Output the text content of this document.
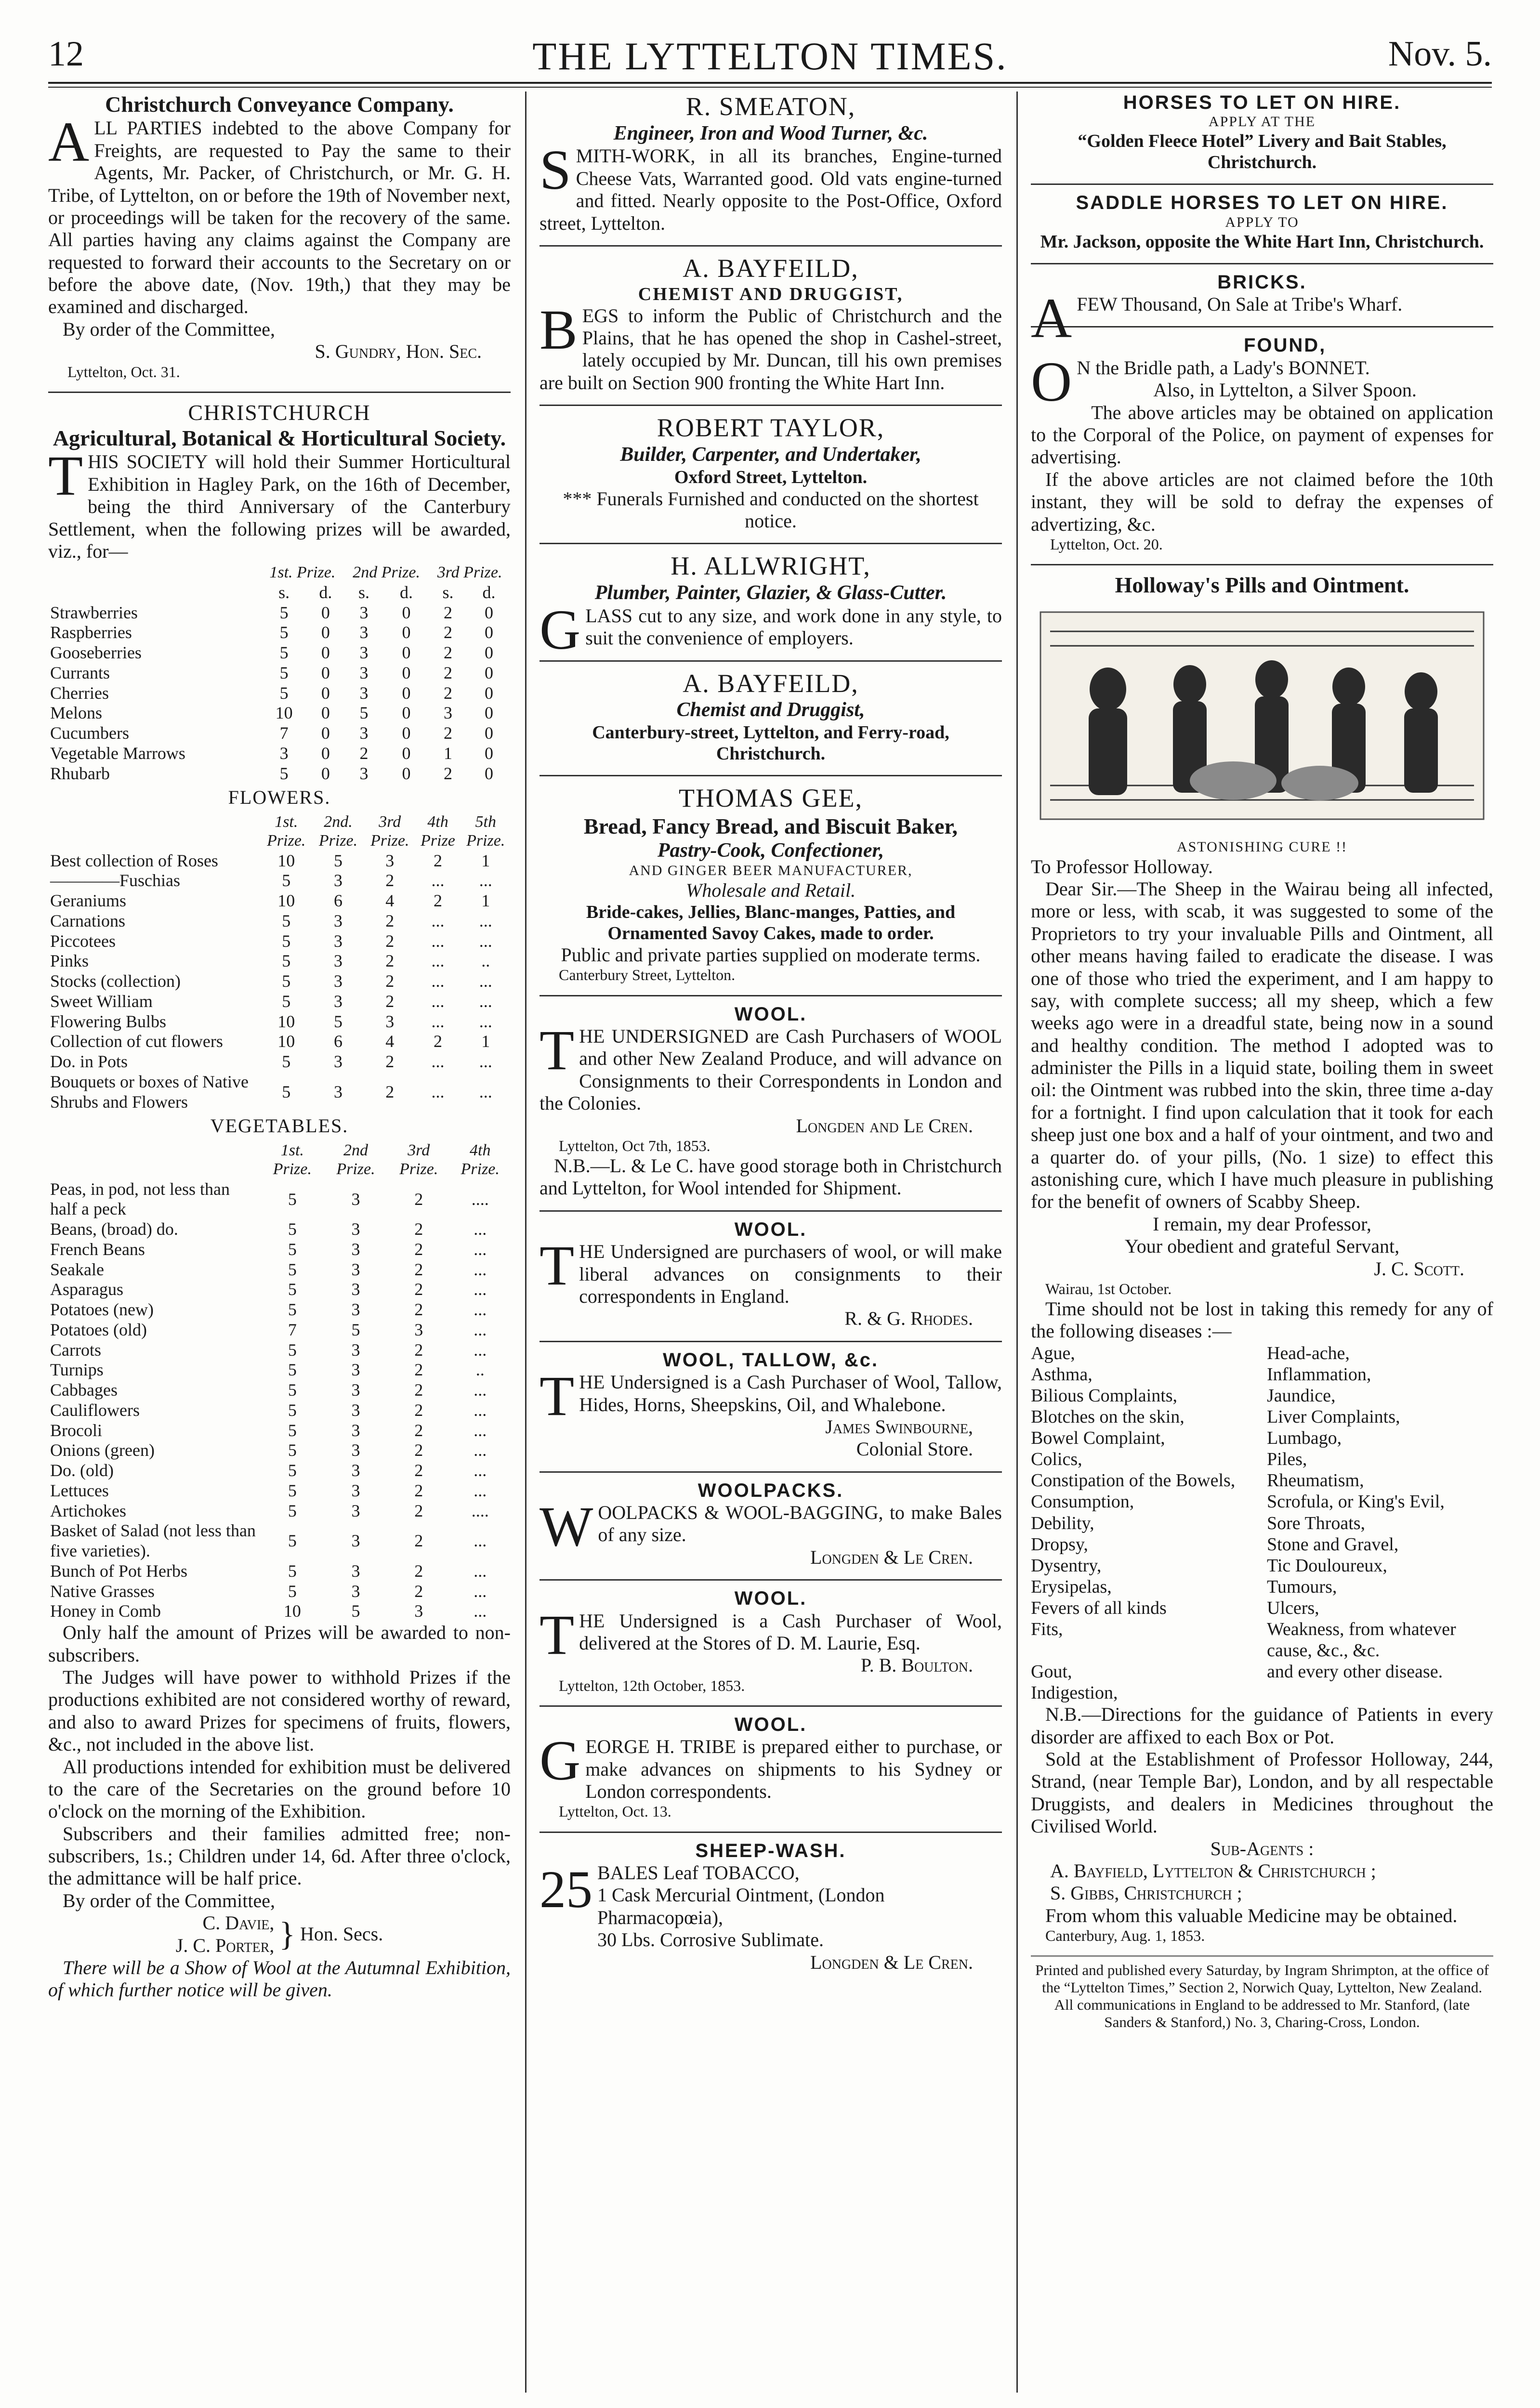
12	THE LYTTELTON TIMES.	Nov. 5.
Christchurch Conveyance Company.

ALL PARTIES indebted to the above Company for Freights, are requested to Pay the same to their Agents, Mr. Packer, of Christchurch, or Mr. G. H. Tribe, of Lyttelton, on or before the 19th of November next, or proceedings will be taken for the recovery of the same. All parties having any claims against the Company are requested to forward their accounts to the Secretary on or before the above date, (Nov. 19th,) that they may be examined and discharged.

By order of the Committee,

S. Gundry, Hon. Sec.
Lyttelton, Oct. 31.
CHRISTCHURCH
Agricultural, Botanical & Horticultural Society.

THIS SOCIETY will hold their Summer Horticultural Exhibition in Hagley Park, on the 16th of December, being the third Anniversary of the Canterbury Settlement, when the following prizes will be awarded, viz., for—

	1st. Prize.		2nd Prize.		3rd Prize.	
	s.	d.	s.	d.	s.	d.
Strawberries	5	0	3	0	2	0
Raspberries	5	0	3	0	2	0
Gooseberries	5	0	3	0	2	0
Currants	5	0	3	0	2	0
Cherries	5	0	3	0	2	0
Melons	10	0	5	0	3	0
Cucumbers	7	0	3	0	2	0
Vegetable Marrows	3	0	2	0	1	0
Rhubarb	5	0	3	0	2	0
FLOWERS.
	1st. Prize.	2nd. Prize.	3rd Prize.	4th Prize	5th Prize.
Best collection of Roses	10	5	3	2	1
————Fuschias	5	3	2	...	...
Geraniums	10	6	4	2	1
Carnations	5	3	2	...	...
Piccotees	5	3	2	...	...
Pinks	5	3	2	...	..
Stocks (collection)	5	3	2	...	...
Sweet William	5	3	2	...	...
Flowering Bulbs	10	5	3	...	...
Collection of cut flowers	10	6	4	2	1
Do. in Pots	5	3	2	...	...
Bouquets or boxes of Native Shrubs and Flowers	5	3	2	...	...
VEGETABLES.
	1st. Prize.	2nd Prize.	3rd Prize.	4th Prize.
Peas, in pod, not less than half a peck	5	3	2	....
Beans, (broad) do.	5	3	2	...
French Beans	5	3	2	...
Seakale	5	3	2	...
Asparagus	5	3	2	...
Potatoes (new)	5	3	2	...
Potatoes (old)	7	5	3	...
Carrots	5	3	2	...
Turnips	5	3	2	..
Cabbages	5	3	2	...
Cauliflowers	5	3	2	...
Brocoli	5	3	2	...
Onions (green)	5	3	2	...
Do. (old)	5	3	2	...
Lettuces	5	3	2	...
Artichokes	5	3	2	....
Basket of Salad (not less than five varieties).	5	3	2	...
Bunch of Pot Herbs	5	3	2	...
Native Grasses	5	3	2	...
Honey in Comb	10	5	3	...

Only half the amount of Prizes will be awarded to non-subscribers.

The Judges will have power to withhold Prizes if the productions exhibited are not considered worthy of reward, and also to award Prizes for specimens of fruits, flowers, &c., not included in the above list.

All productions intended for exhibition must be delivered to the care of the Secretaries on the ground before 10 o'clock on the morning of the Exhibition.

Subscribers and their families admitted free; non-subscribers, 1s.; Children under 14, 6d. After three o'clock, the admittance will be half price.

By order of the Committee,

C. Davie,
J. C. Porter, } Hon. Secs.

There will be a Show of Wool at the Autumnal Exhibition, of which further notice will be given.

R. SMEATON,
Engineer, Iron and Wood Turner, &c.

SMITH-WORK, in all its branches, Engine-turned Cheese Vats, Warranted good. Old vats engine-turned and fitted. Nearly opposite to the Post-Office, Oxford street, Lyttelton.

A. BAYFEILD,
CHEMIST AND DRUGGIST,

BEGS to inform the Public of Christchurch and the Plains, that he has opened the shop in Cashel-street, lately occupied by Mr. Duncan, till his own premises are built on Section 900 fronting the White Hart Inn.

ROBERT TAYLOR,
Builder, Carpenter, and Undertaker,
Oxford Street, Lyttelton.
*** Funerals Furnished and conducted on the shortest notice.
H. ALLWRIGHT,
Plumber, Painter, Glazier, & Glass-Cutter.

GLASS cut to any size, and work done in any style, to suit the convenience of employers.

A. BAYFEILD,
Chemist and Druggist,
Canterbury-street, Lyttelton, and Ferry-road, Christchurch.
THOMAS GEE,
Bread, Fancy Bread, and Biscuit Baker,
Pastry-Cook, Confectioner,
AND GINGER BEER MANUFACTURER,
Wholesale and Retail.
Bride-cakes, Jellies, Blanc-manges, Patties, and Ornamented Savoy Cakes, made to order.
Public and private parties supplied on moderate terms.
Canterbury Street, Lyttelton.
WOOL.

THE UNDERSIGNED are Cash Purchasers of WOOL and other New Zealand Produce, and will advance on Consignments to their Correspondents in London and the Colonies.

Longden and Le Cren.
Lyttelton, Oct 7th, 1853.

N.B.—L. & Le C. have good storage both in Christchurch and Lyttelton, for Wool intended for Shipment.

WOOL.

THE Undersigned are purchasers of wool, or will make liberal advances on consignments to their correspondents in England.

R. & G. Rhodes.
WOOL, TALLOW, &c.

THE Undersigned is a Cash Purchaser of Wool, Tallow, Hides, Horns, Sheepskins, Oil, and Whalebone.

James Swinbourne,
Colonial Store.
WOOLPACKS.

WOOLPACKS & WOOL-BAGGING, to make Bales of any size.

Longden & Le Cren.
WOOL.

THE Undersigned is a Cash Purchaser of Wool, delivered at the Stores of D. M. Laurie, Esq.

P. B. Boulton.
Lyttelton, 12th October, 1853.
WOOL.

GEORGE H. TRIBE is prepared either to purchase, or make advances on shipments to his Sydney or London correspondents.

Lyttelton, Oct. 13.
SHEEP-WASH.
25 BALES Leaf TOBACCO,
1 Cask Mercurial Ointment, (London Pharmacopœia),
30 Lbs. Corrosive Sublimate.
Longden & Le Cren.
HORSES TO LET ON HIRE.
APPLY AT THE
“Golden Fleece Hotel” Livery and Bait Stables, Christchurch.
SADDLE HORSES TO LET ON HIRE.
APPLY TO
Mr. Jackson, opposite the White Hart Inn, Christchurch.
BRICKS.

AFEW Thousand, On Sale at Tribe's Wharf.

FOUND,

ON the Bridle path, a Lady's BONNET.

Also, in Lyttelton, a Silver Spoon.

The above articles may be obtained on application to the Corporal of the Police, on payment of expenses for advertising.

If the above articles are not claimed before the 10th instant, they will be sold to defray the expenses of advertizing, &c.

Lyttelton, Oct. 20.
Holloway's Pills and Ointment.
ASTONISHING CURE !!
To Professor Holloway.

Dear Sir.—The Sheep in the Wairau being all infected, more or less, with scab, it was suggested to some of the Proprietors to try your invaluable Pills and Ointment, all other means having failed to eradicate the disease. I was one of those who tried the experiment, and I am happy to say, with complete success; all my sheep, which a few weeks ago were in a dreadful state, being now in a sound and healthy condition. The method I adopted was to administer the Pills in a liquid state, boiling them in sweet oil: the Ointment was rubbed into the skin, three time a-day for a fortnight. I find upon calculation that it took for each sheep just one box and a half of your ointment, and two and a quarter do. of your pills, (No. 1 size) to effect this astonishing cure, which I have much pleasure in publishing for the benefit of owners of Scabby Sheep.

I remain, my dear Professor,
Your obedient and grateful Servant,
J. C. Scott.
Wairau, 1st October.

Time should not be lost in taking this remedy for any of the following diseases :—

Ague,	Head-ache,
Asthma,	Inflammation,
Bilious Complaints,	Jaundice,
Blotches on the skin,	Liver Complaints,
Bowel Complaint,	Lumbago,
Colics,	Piles,
Constipation of the Bowels,	Rheumatism,
Consumption,	Scrofula, or King's Evil,
Debility,	Sore Throats,
Dropsy,	Stone and Gravel,
Dysentry,	Tic Douloureux,
Erysipelas,	Tumours,
Fevers of all kinds	Ulcers,
Fits,	Weakness, from whatever cause, &c., &c.
Gout,	and every other disease.
Indigestion,

N.B.—Directions for the guidance of Patients in every disorder are affixed to each Box or Pot.

Sold at the Establishment of Professor Holloway, 244, Strand, (near Temple Bar), London, and by all respectable Druggists, and dealers in Medicines throughout the Civilised World.

Sub-Agents :
A. Bayfield, Lyttelton & Christchurch ;
S. Gibbs, Christchurch ;

From whom this valuable Medicine may be obtained.

Canterbury, Aug. 1, 1853.
Printed and published every Saturday, by Ingram Shrimpton, at the office of the “Lyttelton Times,” Section 2, Norwich Quay, Lyttelton, New Zealand.
All communications in England to be addressed to Mr. Stanford, (late Sanders & Stanford,) No. 3, Charing-Cross, London.
